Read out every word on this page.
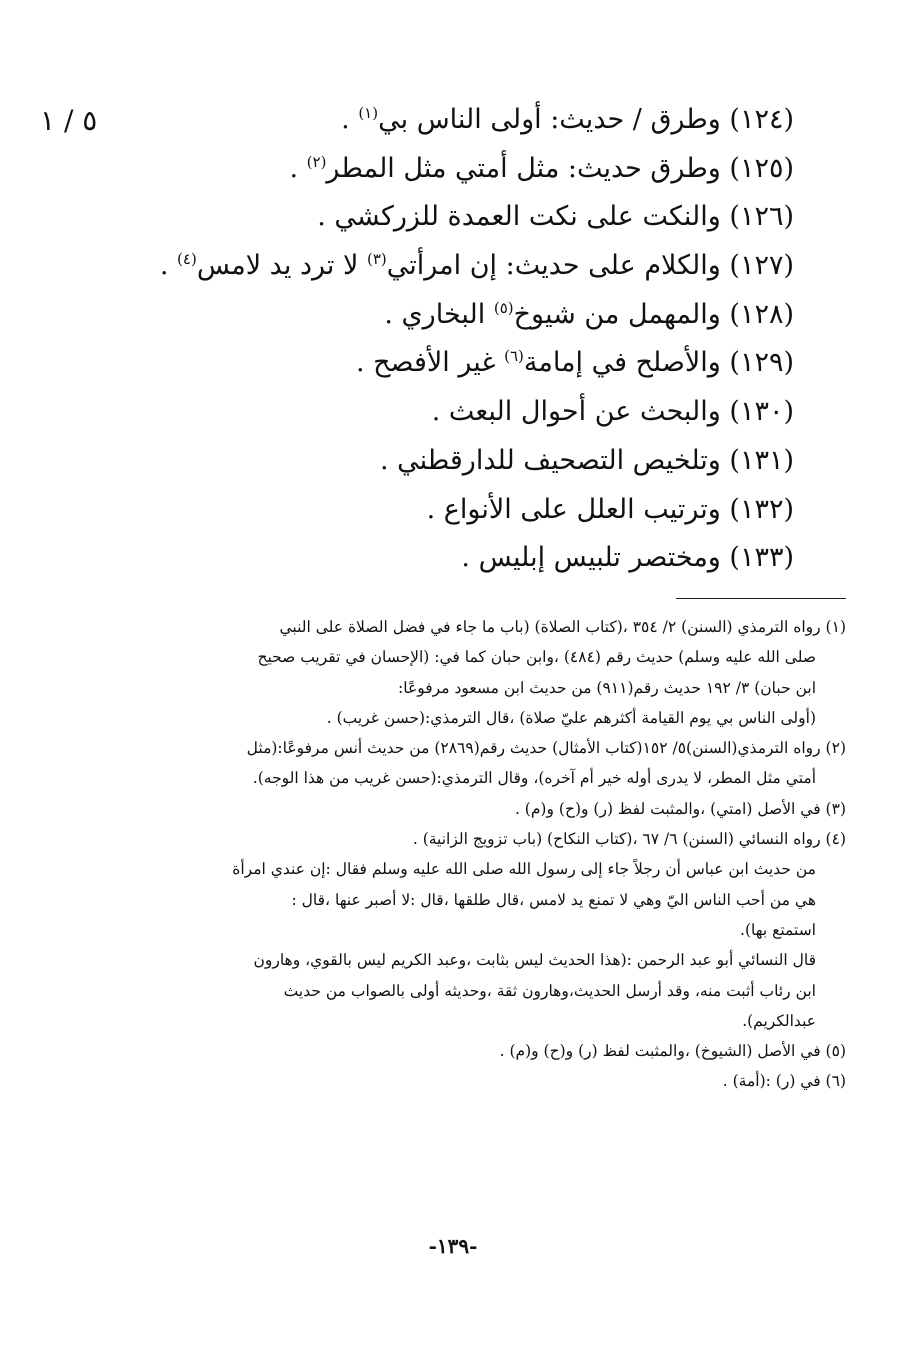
٥ / ١	(١٢٤) وطرق / حديث: أولى الناس بي$^{(١)}$ .
(١٢٥) وطرق حديث: مثل أمتي مثل المطر$^{(٢)}$ .
(١٢٦) والنكت على نكت العمدة للزركشي .
(١٢٧) والكلام على حديث: إن امرأتي$^{(٣)}$ لا ترد يد لامس$^{(٤)}$ .
(١٢٨) والمهمل من شيوخ$^{(٥)}$ البخاري .
(١٢٩) والأصلح في إمامة$^{(٦)}$ غير الأفصح .
(١٣٠) والبحث عن أحوال البعث .
(١٣١) وتلخيص التصحيف للدارقطني .
(١٣٢) وترتيب العلل على الأنواع .
(١٣٣) ومختصر تلبيس إبليس .
(١) رواه الترمذي (السنن) ٢/ ٣٥٤ ،(كتاب الصلاة) (باب ما جاء في فضل الصلاة على النبي
صلى الله عليه وسلم) حديث رقم (٤٨٤) ،وابن حبان كما في: (الإحسان في تقريب صحيح
ابن حبان) ٣/ ١٩٢ حديث رقم(٩١١) من حديث ابن مسعود مرفوعًا:
(أولى الناس بي يوم القيامة أكثرهم عليّ صلاة) ،قال الترمذي:(حسن غريب) .
(٢) رواه الترمذي(السنن)٥/ ١٥٢(كتاب الأمثال) حديث رقم(٢٨٦٩) من حديث أنس مرفوعًا:(مثل
أمتي مثل المطر، لا يدرى أوله خير أم آخره)، وقال الترمذي:(حسن غريب من هذا الوجه).
(٣) في الأصل (امتي) ،والمثبت لفظ (ر) و(ح) و(م) .
(٤) رواه النسائي (السنن) ٦/ ٦٧ ،(كتاب النكاح) (باب تزويج الزانية) .
من حديث ابن عباس أن رجلاً جاء إلى رسول الله صلى الله عليه وسلم فقال :إن عندي امرأة
هي من أحب الناس اليّ وهي لا تمنع يد لامس ،قال طلقها ،قال :لا أصبر عنها ،قال :
استمتع بها).
قال النسائي أبو عبد الرحمن :(هذا الحديث ليس بثابت ،وعبد الكريم ليس بالقوي، وهارون
ابن رئاب أثبت منه، وقد أرسل الحديث،وهارون ثقة ،وحديثه أولى بالصواب من حديث
عبدالكريم).
(٥) في الأصل (الشيوخ) ،والمثبت لفظ (ر) و(ح) و(م) .
(٦) في (ر) :(أمة) .
-١٣٩-
